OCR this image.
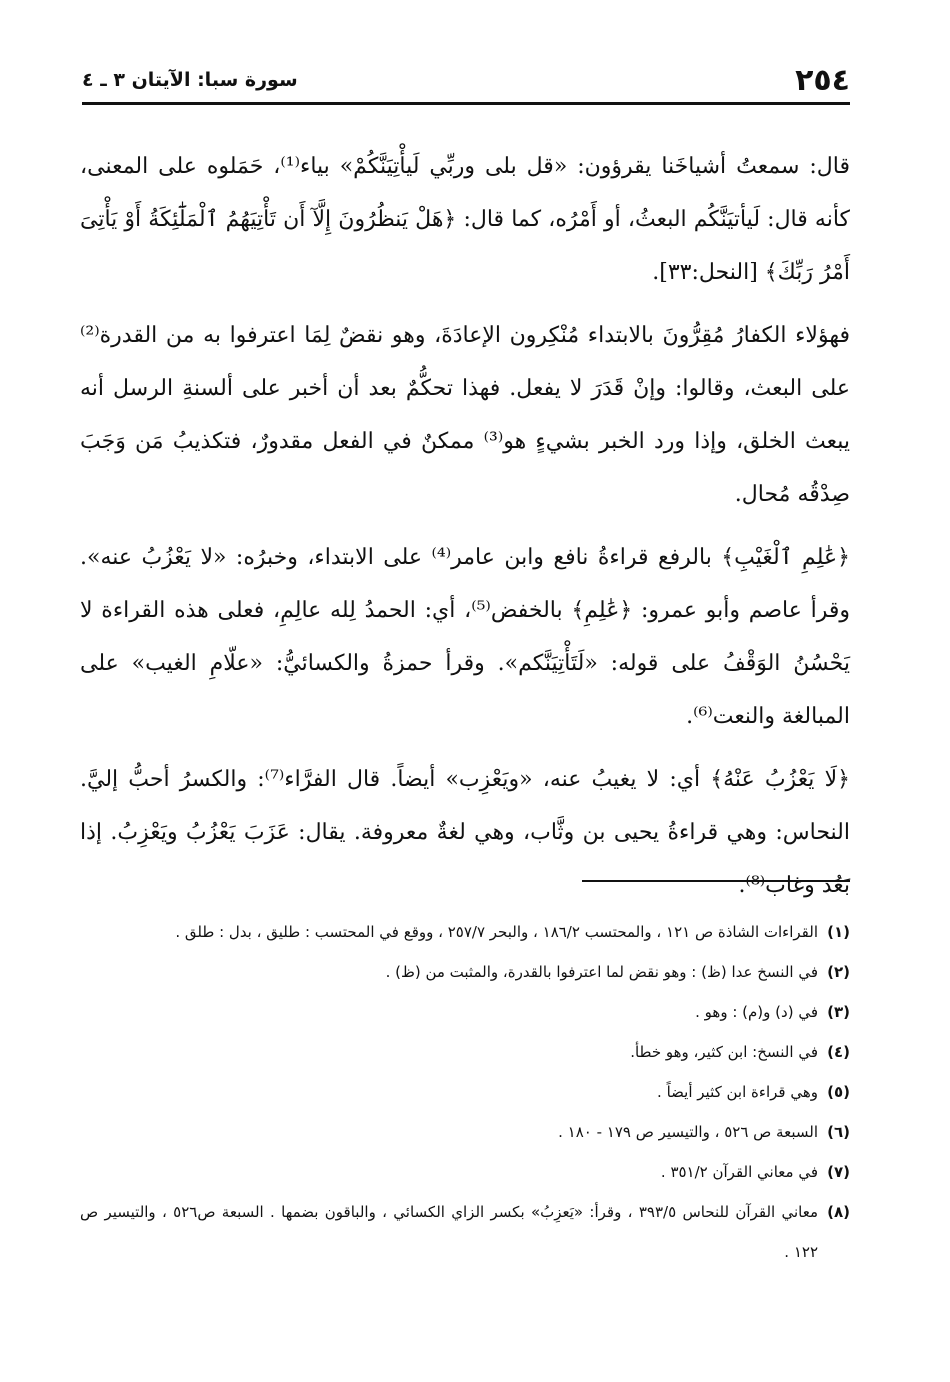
٢٥٤
سورة سبا: الآيتان ٣ ـ ٤

قال: سمعتُ أشياخَنا يقرؤون: «قل بلى وربِّي لَيأْتِيَنَّكُمْ» بياء⁽¹⁾، حَمَلوه على المعنى، كأنه قال: لَيأتيَنَّكُم البعثُ، أو أَمْرُه، كما قال: ﴿هَلْ يَنظُرُونَ إِلَّآ أَن تَأْتِيَهُمُ ٱلْمَلَٰٓئِكَةُ أَوْ يَأْتِىَ أَمْرُ رَبِّكَ﴾ [النحل:٣٣].

فهؤلاء الكفارُ مُقِرُّونَ بالابتداء مُنْكِرون الإعادَةَ، وهو نقضٌ لِمَا اعترفوا به من القدرة⁽²⁾ على البعث، وقالوا: وإنْ قَدَرَ لا يفعل. فهذا تحكُّمٌ بعد أن أخبر على ألسنةِ الرسل أنه يبعث الخلق، وإذا ورد الخبر بشيءٍ هو⁽³⁾ ممكنٌ في الفعل مقدورٌ، فتكذيبُ مَن وَجَبَ صِدْقُه مُحال.

﴿عَٰلِمِ ٱلْغَيْبِ﴾ بالرفع قراءةُ نافع وابن عامر⁽⁴⁾ على الابتداء، وخبرُه: «لا يَعْزُبُ عنه». وقرأ عاصم وأبو عمرو: ﴿عَٰلِمِ﴾ بالخفض⁽⁵⁾، أي: الحمدُ لِله عالِمِ، فعلى هذه القراءة لا يَحْسُنُ الوَقْفُ على قوله: «لَتَأْتِيَنَّكم». وقرأ حمزةُ والكسائيُّ: «علّامِ الغيب» على المبالغة والنعت⁽⁶⁾.

﴿لَا يَعْزُبُ عَنْهُ﴾ أي: لا يغيبُ عنه، «ويَعْزِب» أيضاً. قال الفرَّاء⁽⁷⁾: والكسرُ أحبُّ إليَّ. النحاس: وهي قراءةُ يحيى بن وثَّاب، وهي لغةٌ معروفة. يقال: عَزَبَ يَعْزُبُ ويَعْزِبُ. إذا بَعُد وغاب⁽⁸⁾.

(١)
القراءات الشاذة ص ١٢١ ، والمحتسب ١٨٦/٢ ، والبحر ٢٥٧/٧ ، ووقع في المحتسب : طليق ، بدل : طلق .
(٢)
في النسخ عدا (ظ) : وهو نقض لما اعترفوا بالقدرة، والمثبت من (ظ) .
(٣)
في (د) و(م) : وهو .
(٤)
في النسخ: ابن كثير، وهو خطأ.
(٥)
وهي قراءة ابن كثير أيضاً .
(٦)
السبعة ص ٥٢٦ ، والتيسير ص ١٧٩ - ١٨٠ .
(٧)
في معاني القرآن ٣٥١/٢ .
(٨)
معاني القرآن للنحاس ٣٩٣/٥ ، وقرأ: «يَعزِبُ» بكسر الزاي الكسائي ، والباقون بضمها . السبعة ص٥٢٦ ، والتيسير ص ١٢٢ .
